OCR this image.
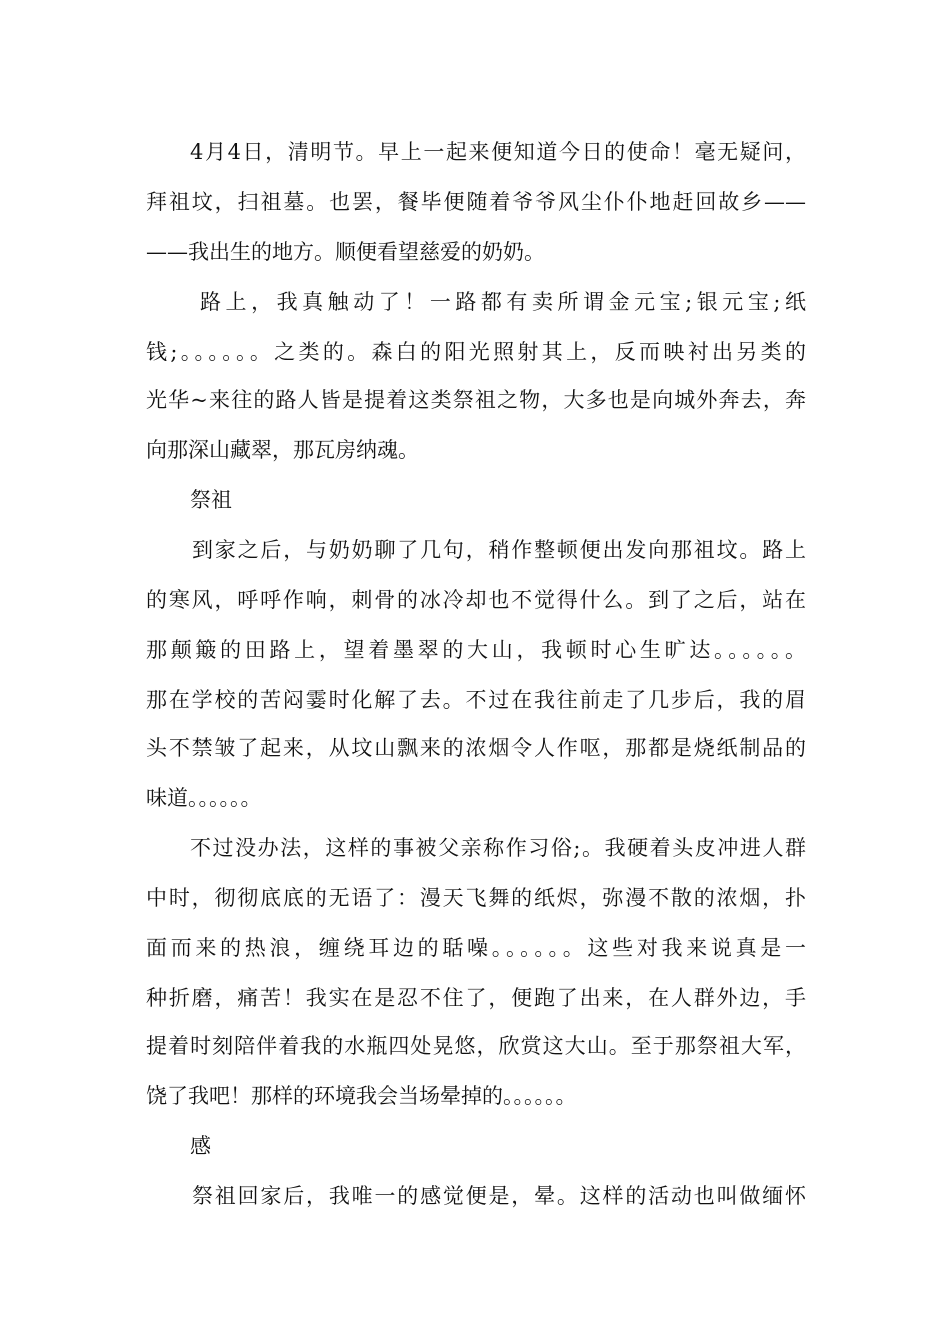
4月4日，清明节。早上一起来便知道今日的使命！毫无疑问，

拜祖坟，扫祖墓。也罢，餐毕便随着爷爷风尘仆仆地赶回故乡——

——我出生的地方。顺便看望慈爱的奶奶。

路上，我真触动了！一路都有卖所谓金元宝;银元宝;纸

钱;。。。。。。之类的。森白的阳光照射其上，反而映衬出另类的

光华~来往的路人皆是提着这类祭祖之物，大多也是向城外奔去，奔

向那深山藏翠，那瓦房纳魂。

祭祖

到家之后，与奶奶聊了几句，稍作整顿便出发向那祖坟。路上

的寒风，呼呼作响，刺骨的冰冷却也不觉得什么。到了之后，站在

那颠簸的田路上，望着墨翠的大山，我顿时心生旷达。。。。。。

那在学校的苦闷霎时化解了去。不过在我往前走了几步后，我的眉

头不禁皱了起来，从坟山飘来的浓烟令人作呕，那都是烧纸制品的

味道。。。。。。

不过没办法，这样的事被父亲称作习俗;。我硬着头皮冲进人群

中时，彻彻底底的无语了：漫天飞舞的纸烬，弥漫不散的浓烟，扑

面而来的热浪，缠绕耳边的聒噪。。。。。。这些对我来说真是一

种折磨，痛苦！我实在是忍不住了，便跑了出来，在人群外边，手

提着时刻陪伴着我的水瓶四处晃悠，欣赏这大山。至于那祭祖大军，

饶了我吧！那样的环境我会当场晕掉的。。。。。。

感

祭祖回家后，我唯一的感觉便是，晕。这样的活动也叫做缅怀
